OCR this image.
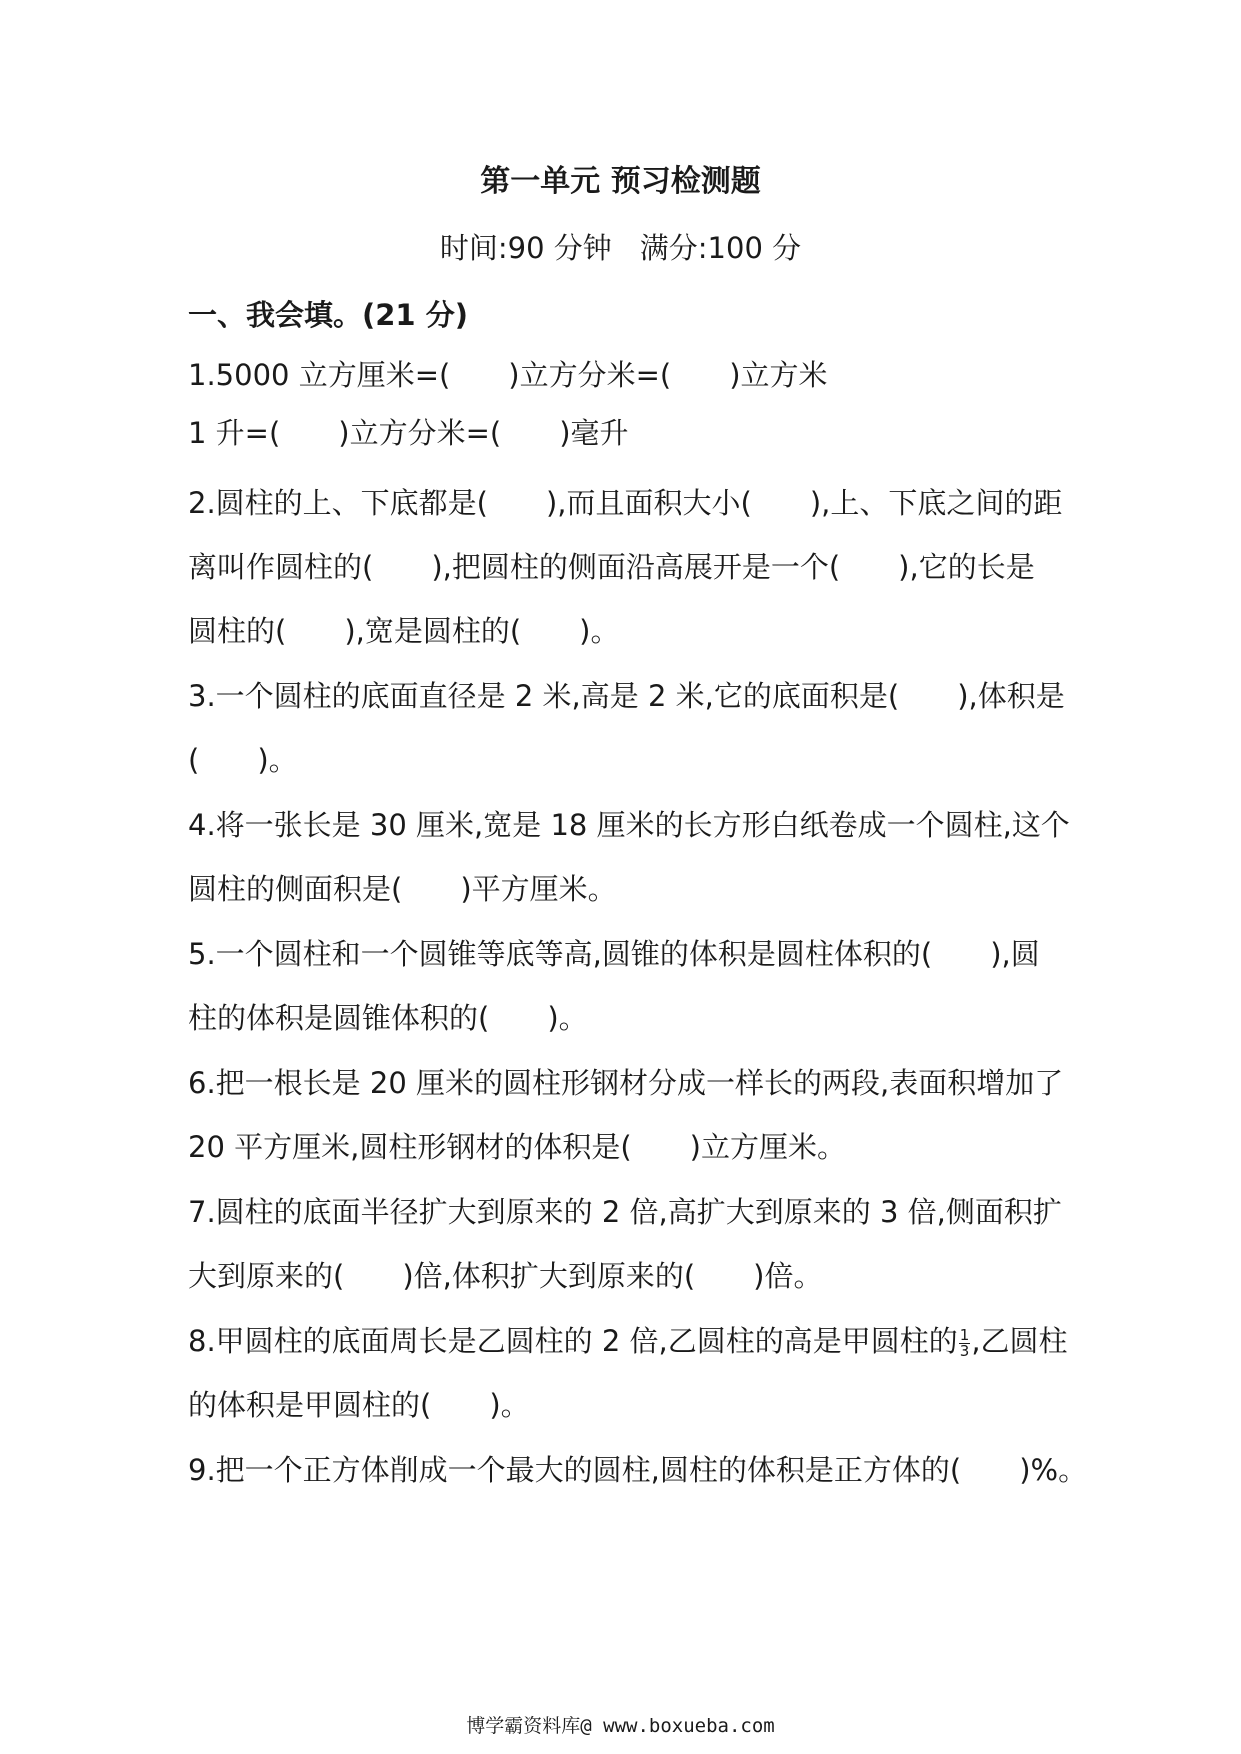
第一单元 预习检测题
时间:90 分钟 满分:100 分
一、我会填。(21 分)
1.5000 立方厘米=(　　)立方分米=(　　)立方米
1 升=(　　)立方分米=(　　)毫升
2.圆柱的上、下底都是(　　),而且面积大小(　　),上、下底之间的距
离叫作圆柱的(　　),把圆柱的侧面沿高展开是一个(　　),它的长是
圆柱的(　　),宽是圆柱的(　　)。
3.一个圆柱的底面直径是 2 米,高是 2 米,它的底面积是(　　),体积是
(　　)。
4.将一张长是 30 厘米,宽是 18 厘米的长方形白纸卷成一个圆柱,这个
圆柱的侧面积是(　　)平方厘米。
5.一个圆柱和一个圆锥等底等高,圆锥的体积是圆柱体积的(　　),圆
柱的体积是圆锥体积的(　　)。
6.把一根长是 20 厘米的圆柱形钢材分成一样长的两段,表面积增加了
20 平方厘米,圆柱形钢材的体积是(　　)立方厘米。
7.圆柱的底面半径扩大到原来的 2 倍,高扩大到原来的 3 倍,侧面积扩
大到原来的(　　)倍,体积扩大到原来的(　　)倍。
8.甲圆柱的底面周长是乙圆柱的 2 倍,乙圆柱的高是甲圆柱的 $\frac{1}{3}$ ,乙圆柱
的体积是甲圆柱的(　　)。
9.把一个正方体削成一个最大的圆柱,圆柱的体积是正方体的(　　)%。
博学霸资料库@ www.boxueba.com
